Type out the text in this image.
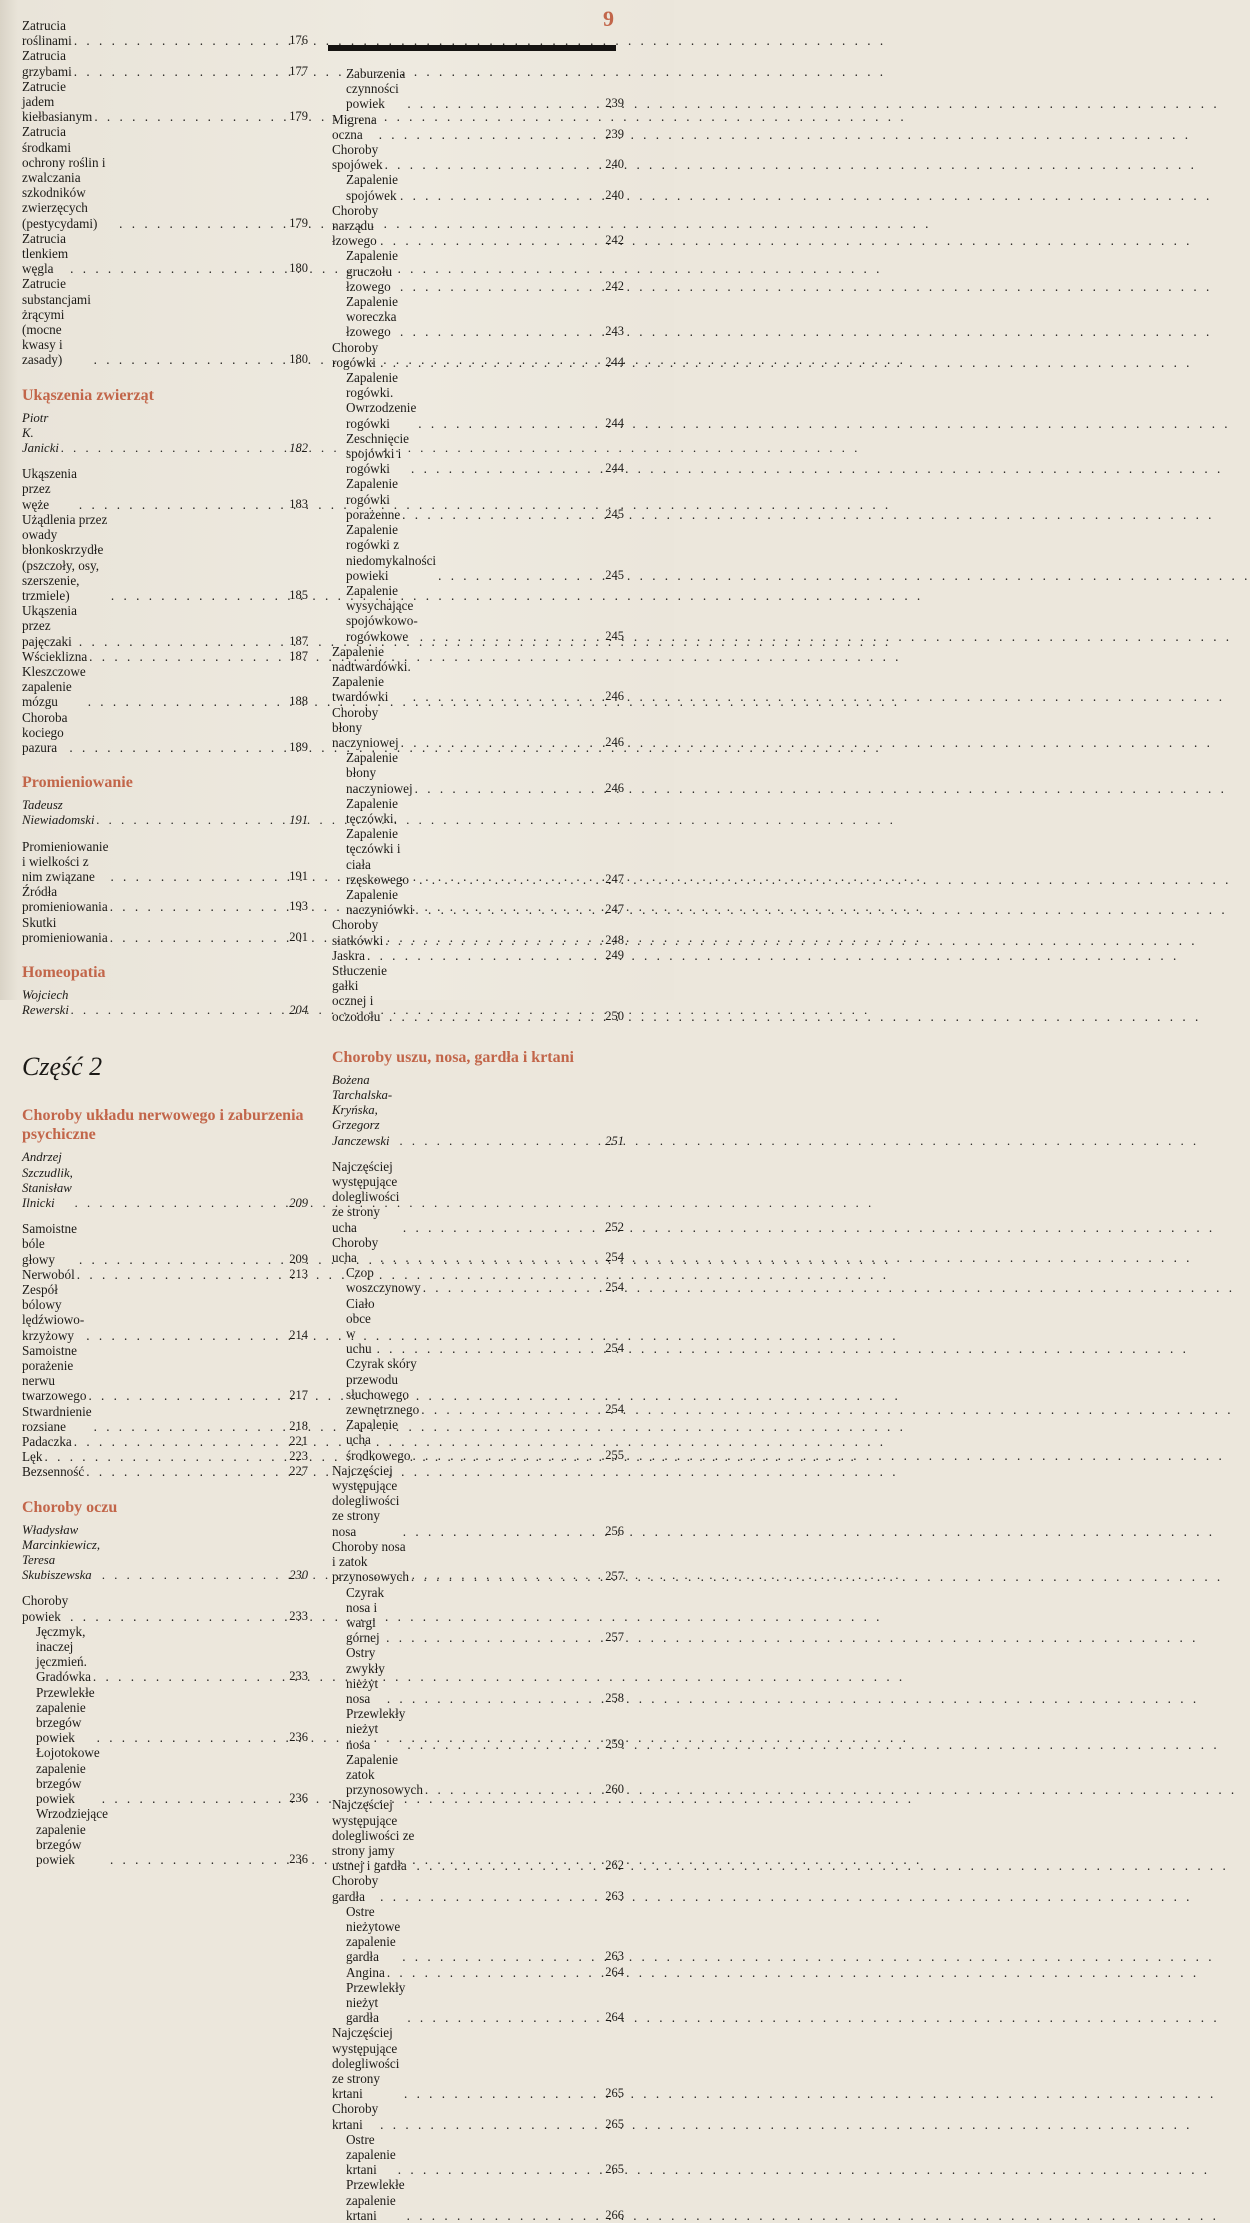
9
Zatrucia roślinami . . .	176
Zatrucia grzybami . . .	177
Zatrucie jadem kiełbasianym . . .	179
Zatrucia środkami ochrony roślin i zwalczania szkodników zwierzęcych (pestycydami) . . .	179
Zatrucia tlenkiem węgla . . .	180
Zatrucie substancjami żrącymi (mocne kwasy i zasady) . . .	180
Ukąszenia zwierząt
Piotr K. Janicki . . .	182
Ukąszenia przez węże . . .	183
Użądlenia przez owady błonkoskrzydłe (pszczoły, osy, szerszenie, trzmiele) . . .	185
Ukąszenia przez pajęczaki . . .	187
Wścieklizna . . .	187
Kleszczowe zapalenie mózgu . . .	188
Choroba kociego pazura . . .	189
Promieniowanie
Tadeusz Niewiadomski . . .	191
Promieniowanie i wielkości z nim związane . . .	191
Źródła promieniowania . . .	193
Skutki promieniowania . . .	201
Homeopatia
Wojciech Rewerski . . .	204
Część 2
Choroby układu nerwowego i zaburzenia psychiczne
Andrzej Szczudlik, Stanisław Ilnicki . . .	209
Samoistne bóle głowy . . .	209
Nerwoból . . .	213
Zespół bólowy lędźwiowo-krzyżowy . . .	214
Samoistne porażenie nerwu twarzowego . . .	217
Stwardnienie rozsiane . . .	218
Padaczka . . .	221
Lęk . . .	223
Bezsenność . . .	227
Choroby oczu
Władysław Marcinkiewicz, Teresa Skubiszewska . . .	230
Choroby powiek . . .	233
Jęczmyk, inaczej jęczmień. Gradówka . . .	233
Przewlekłe zapalenie brzegów powiek . . .	236
Łojotokowe zapalenie brzegów powiek . . .	236
Wrzodziejące zapalenie brzegów powiek . . .	236
Zaburzenia czynności powiek . . .	239
Migrena oczna . . .	239
Choroby spojówek . . .	240
Zapalenie spojówek . . .	240
Choroby narządu łzowego . . .	242
Zapalenie gruczołu łzowego . . .	242
Zapalenie woreczka łzowego . . .	243
Choroby rogówki . . .	244
Zapalenie rogówki. Owrzodzenie rogówki . . .	244
Zeschnięcie spojówki i rogówki . . .	244
Zapalenie rogówki porażenne . . .	245
Zapalenie rogówki z niedomykalności powieki . . .	245
Zapalenie wysychające spojówkowo-rogówkowe . . .	245
Zapalenie nadtwardówki. Zapalenie twardówki . . .	246
Choroby błony naczyniowej . . .	246
Zapalenie błony naczyniowej . . .	246
Zapalenie tęczówki. Zapalenie tęczówki i ciała rzęskowego . . .	247
Zapalenie naczyniówki . . .	247
Choroby siatkówki . . .	248
Jaskra . . .	249
Stłuczenie gałki ocznej i oczodołu . . .	250
Choroby uszu, nosa, gardła i krtani
Bożena Tarchalska-Kryńska, Grzegorz Janczewski . . .	251
Najczęściej występujące dolegliwości ze strony ucha . . .	252
Choroby ucha . . .	254
Czop woszczynowy . . .	254
Ciało obce w uchu . . .	254
Czyrak skóry przewodu słuchowego zewnętrznego . . .	254
Zapalenie ucha środkowego . . .	255
Najczęściej występujące dolegliwości ze strony nosa . . .	256
Choroby nosa i zatok przynosowych . . .	257
Czyrak nosa i wargi górnej . . .	257
Ostry zwykły nieżyt nosa . . .	258
Przewlekły nieżyt nosa . . .	259
Zapalenie zatok przynosowych . . .	260
Najczęściej występujące dolegliwości ze strony jamy ustnej i gardła . . .	262
Choroby gardła . . .	263
Ostre nieżytowe zapalenie gardła . . .	263
Angina . . .	264
Przewlekły nieżyt gardła . . .	264
Najczęściej występujące dolegliwości ze strony krtani . . .	265
Choroby krtani . . .	265
Ostre zapalenie krtani . . .	265
Przewlekłe zapalenie krtani . . .	266
